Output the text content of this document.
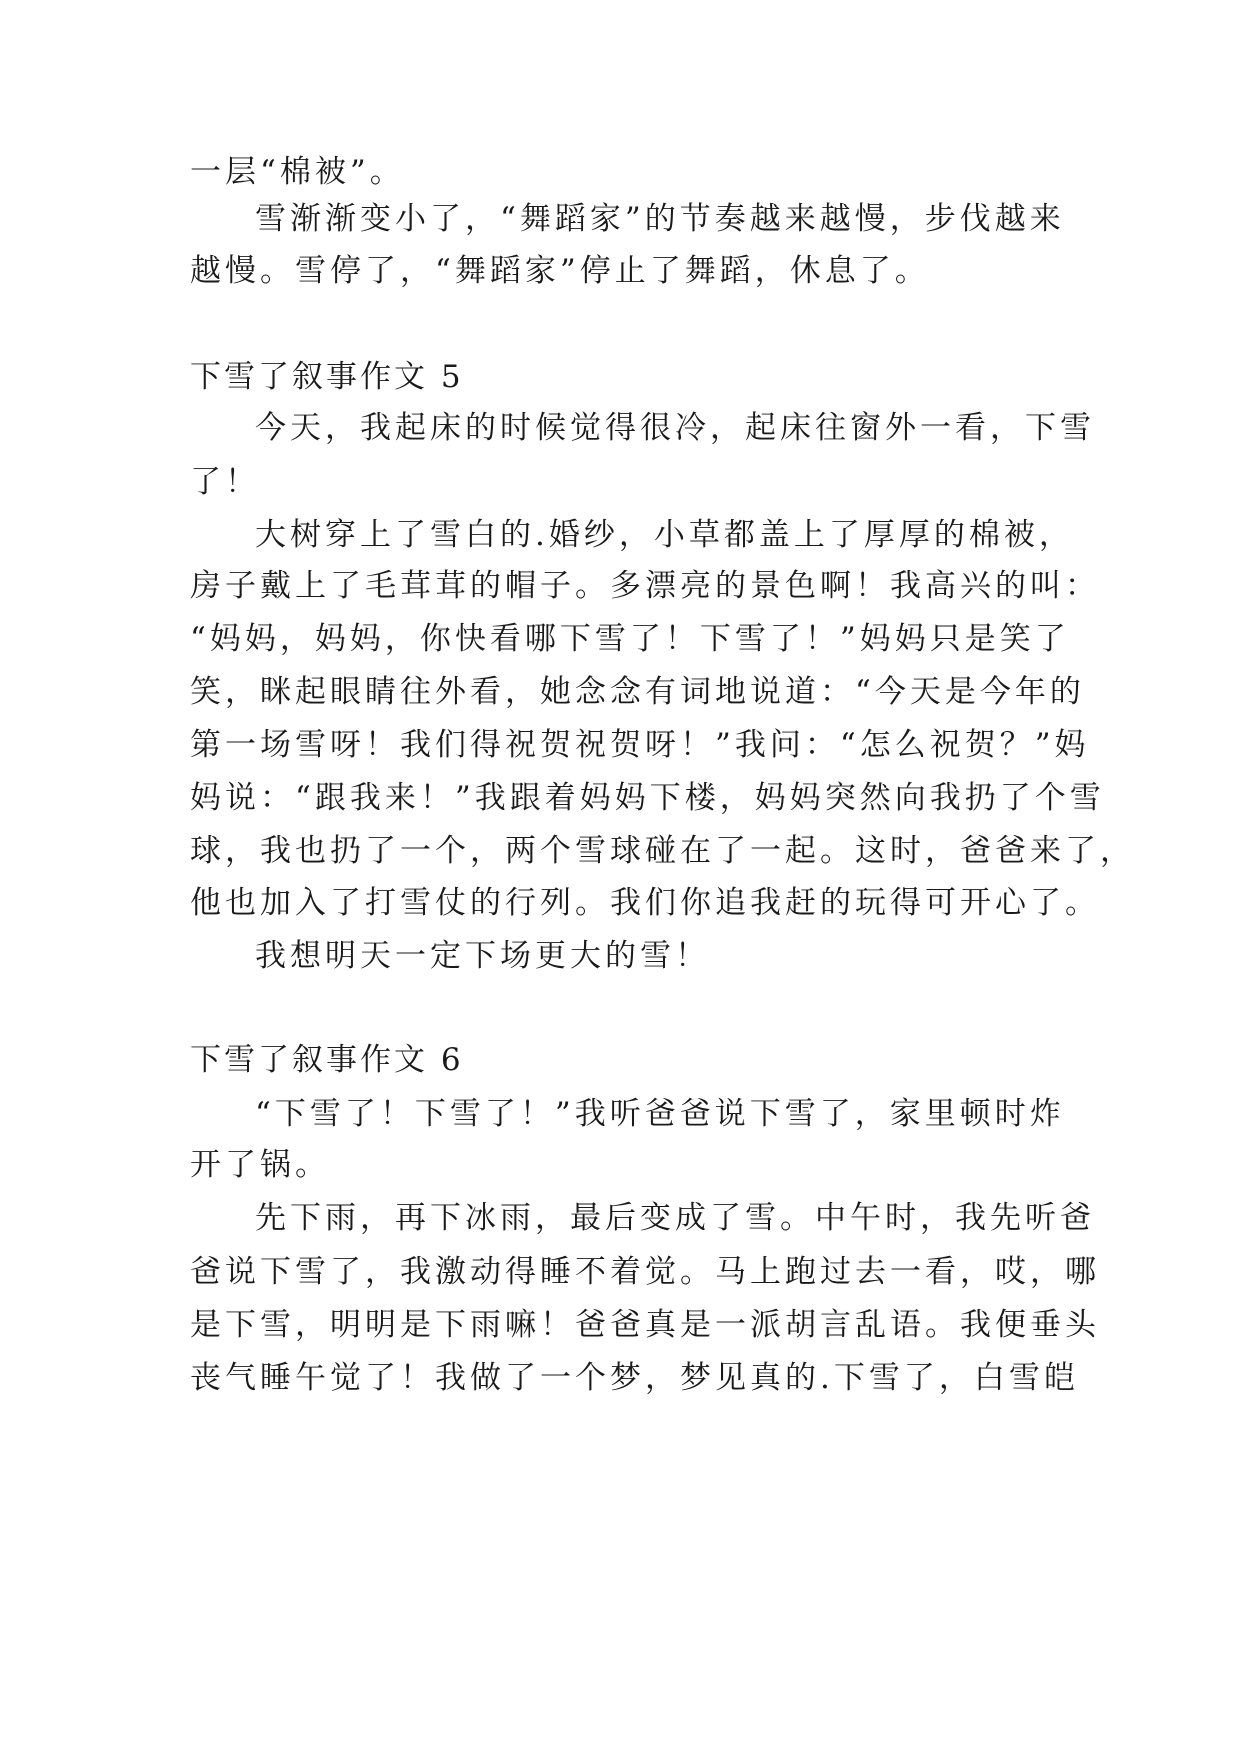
一层“棉被”。
雪渐渐变小了，“舞蹈家”的节奏越来越慢，步伐越来
越慢。雪停了，“舞蹈家”停止了舞蹈，休息了。
下雪了叙事作文 5
今天，我起床的时候觉得很冷，起床往窗外一看，下雪
了！
大树穿上了雪白的.婚纱，小草都盖上了厚厚的棉被，
房子戴上了毛茸茸的帽子。多漂亮的景色啊！我高兴的叫：
“妈妈，妈妈，你快看哪下雪了！下雪了！”妈妈只是笑了
笑，眯起眼睛往外看，她念念有词地说道：“今天是今年的
第一场雪呀！我们得祝贺祝贺呀！”我问：“怎么祝贺？”妈
妈说：“跟我来！”我跟着妈妈下楼，妈妈突然向我扔了个雪
球，我也扔了一个，两个雪球碰在了一起。这时，爸爸来了，
他也加入了打雪仗的行列。我们你追我赶的玩得可开心了。
我想明天一定下场更大的雪！
下雪了叙事作文 6
“下雪了！下雪了！”我听爸爸说下雪了，家里顿时炸
开了锅。
先下雨，再下冰雨，最后变成了雪。中午时，我先听爸
爸说下雪了，我激动得睡不着觉。马上跑过去一看，哎，哪
是下雪，明明是下雨嘛！爸爸真是一派胡言乱语。我便垂头
丧气睡午觉了！我做了一个梦，梦见真的.下雪了，白雪皑
